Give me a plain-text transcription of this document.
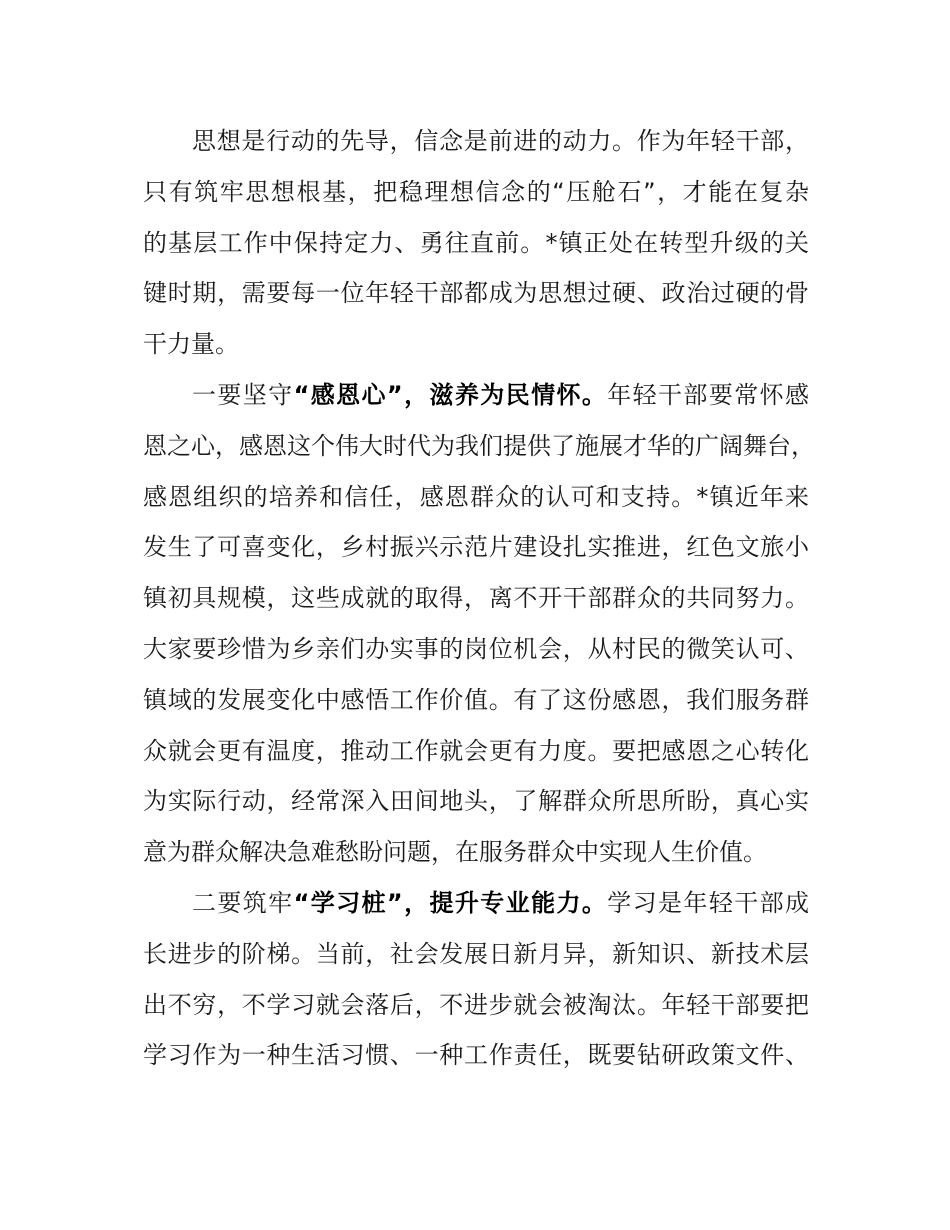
思想是行动的先导，信念是前进的动力。作为年轻干部，
只有筑牢思想根基，把稳理想信念的“压舱石”，才能在复杂
的基层工作中保持定力、勇往直前。*镇正处在转型升级的关
键时期，需要每一位年轻干部都成为思想过硬、政治过硬的骨
干力量。
一要坚守“感恩心”，滋养为民情怀。年轻干部要常怀感
恩之心，感恩这个伟大时代为我们提供了施展才华的广阔舞台，
感恩组织的培养和信任，感恩群众的认可和支持。*镇近年来
发生了可喜变化，乡村振兴示范片建设扎实推进，红色文旅小
镇初具规模，这些成就的取得，离不开干部群众的共同努力。
大家要珍惜为乡亲们办实事的岗位机会，从村民的微笑认可、
镇域的发展变化中感悟工作价值。有了这份感恩，我们服务群
众就会更有温度，推动工作就会更有力度。要把感恩之心转化
为实际行动，经常深入田间地头，了解群众所思所盼，真心实
意为群众解决急难愁盼问题，在服务群众中实现人生价值。
二要筑牢“学习桩”，提升专业能力。学习是年轻干部成
长进步的阶梯。当前，社会发展日新月异，新知识、新技术层
出不穷，不学习就会落后，不进步就会被淘汰。年轻干部要把
学习作为一种生活习惯、一种工作责任，既要钻研政策文件、
